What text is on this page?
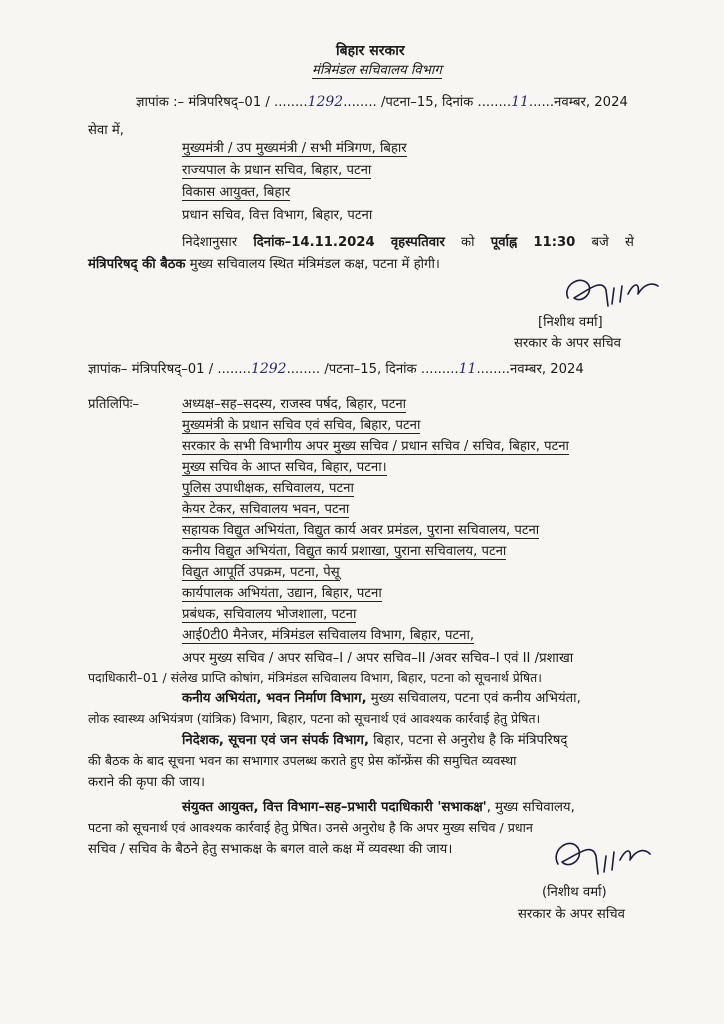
बिहार सरकार
मंत्रिमंडल सचिवालय विभाग
ज्ञापांक :– मंत्रिपरिषद्–01 / ........1292........ /पटना–15, दिनांक ........11......नवम्बर, 2024
सेवा में,
मुख्यमंत्री / उप मुख्यमंत्री / सभी मंत्रिगण, बिहार
राज्यपाल के प्रधान सचिव, बिहार, पटना
विकास आयुक्त, बिहार
प्रधान सचिव, वित्त विभाग, बिहार, पटना
निदेशानुसार दिनांक–14.11.2024 वृहस्पतिवार को पूर्वाह्न 11:30 बजे से
मंत्रिपरिषद् की बैठक मुख्य सचिवालय स्थित मंत्रिमंडल कक्ष, पटना में होगी।
[निशीथ वर्मा]
सरकार के अपर सचिव
ज्ञापांक– मंत्रिपरिषद्–01 / ........1292........ /पटना–15, दिनांक .........11........नवम्बर, 2024
प्रतिलिपिः–	अध्यक्ष–सह–सदस्य, राजस्व पर्षद, बिहार, पटना
मुख्यमंत्री के प्रधान सचिव एवं सचिव, बिहार, पटना
सरकार के सभी विभागीय अपर मुख्य सचिव / प्रधान सचिव / सचिव, बिहार, पटना
मुख्य सचिव के आप्त सचिव, बिहार, पटना।
पुलिस उपाधीक्षक, सचिवालय, पटना
केयर टेकर, सचिवालय भवन, पटना
सहायक विद्युत अभियंता, विद्युत कार्य अवर प्रमंडल, पुराना सचिवालय, पटना
कनीय विद्युत अभियंता, विद्युत कार्य प्रशाखा, पुराना सचिवालय, पटना
विद्युत आपूर्ति उपक्रम, पटना, पेसू
कार्यपालक अभियंता, उद्यान, बिहार, पटना
प्रबंधक, सचिवालय भोजशाला, पटना
आई0टी0 मैनेजर, मंत्रिमंडल सचिवालय विभाग, बिहार, पटना,
अपर मुख्य सचिव / अपर सचिव–I / अपर सचिव–II /अवर सचिव–I एवं II /प्रशाखा
पदाधिकारी–01 / संलेख प्राप्ति कोषांग, मंत्रिमंडल सचिवालय विभाग, बिहार, पटना को सूचनार्थ प्रेषित।
कनीय अभियंता, भवन निर्माण विभाग, मुख्य सचिवालय, पटना एवं कनीय अभियंता,
लोक स्वास्थ्य अभियंत्रण (यांत्रिक) विभाग, बिहार, पटना को सूचनार्थ एवं आवश्यक कार्रवाई हेतु प्रेषित।
निदेशक, सूचना एवं जन संपर्क विभाग, बिहार, पटना से अनुरोध है कि मंत्रिपरिषद्
की बैठक के बाद सूचना भवन का सभागार उपलब्ध कराते हुए प्रेस कॉन्फ्रेंस की समुचित व्यवस्था
कराने की कृपा की जाय।
संयुक्त आयुक्त, वित्त विभाग–सह–प्रभारी पदाधिकारी 'सभाकक्ष', मुख्य सचिवालय,
पटना को सूचनार्थ एवं आवश्यक कार्रवाई हेतु प्रेषित। उनसे अनुरोध है कि अपर मुख्य सचिव / प्रधान
सचिव / सचिव के बैठने हेतु सभाकक्ष के बगल वाले कक्ष में व्यवस्था की जाय।
(निशीथ वर्मा)
सरकार के अपर सचिव
